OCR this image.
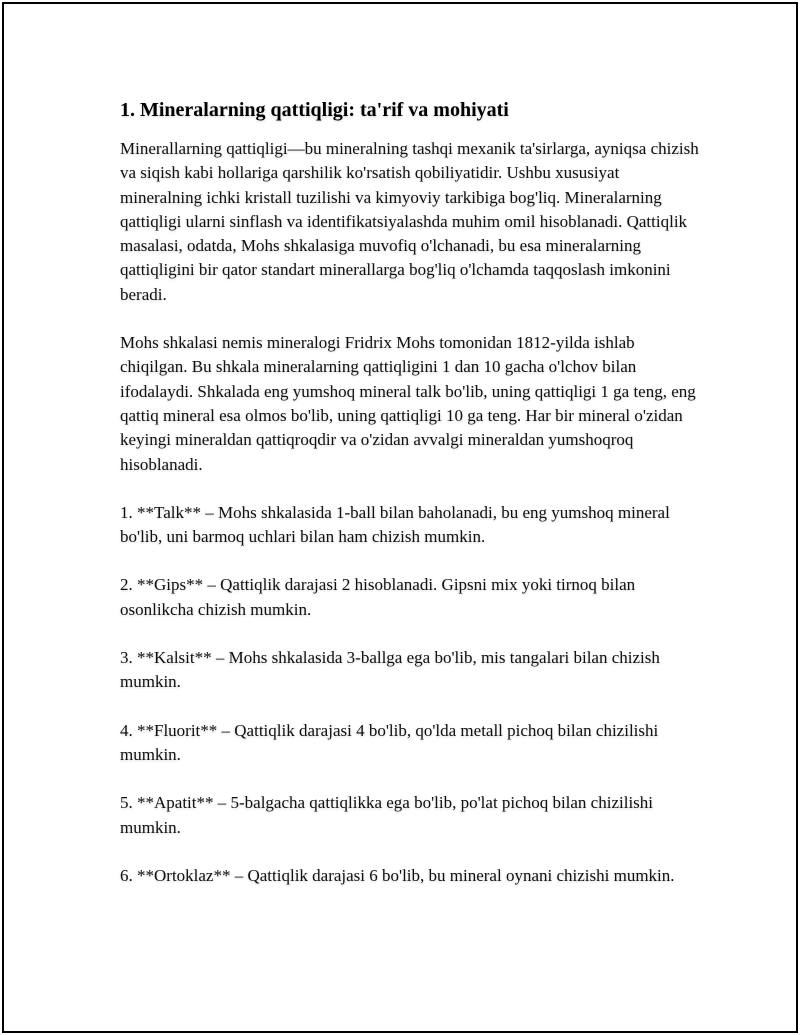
1. Mineralarning qattiqligi: ta'rif va mohiyati

Minerallarning qattiqligi—bu mineralning tashqi mexanik ta'sirlarga, ayniqsa chizish va siqish kabi hollariga qarshilik ko'rsatish qobiliyatidir. Ushbu xususiyat mineralning ichki kristall tuzilishi va kimyoviy tarkibiga bog'liq. Mineralarning qattiqligi ularni sinflash va identifikatsiyalashda muhim omil hisoblanadi. Qattiqlik masalasi, odatda, Mohs shkalasiga muvofiq o'lchanadi, bu esa mineralarning qattiqligini bir qator standart minerallarga bog'liq o'lchamda taqqoslash imkonini beradi.

Mohs shkalasi nemis mineralogi Fridrix Mohs tomonidan 1812-yilda ishlab chiqilgan. Bu shkala mineralarning qattiqligini 1 dan 10 gacha o'lchov bilan ifodalaydi. Shkalada eng yumshoq mineral talk bo'lib, uning qattiqligi 1 ga teng, eng qattiq mineral esa olmos bo'lib, uning qattiqligi 10 ga teng. Har bir mineral o'zidan keyingi mineraldan qattiqroqdir va o'zidan avvalgi mineraldan yumshoqroq hisoblanadi.

1. **Talk** – Mohs shkalasida 1-ball bilan baholanadi, bu eng yumshoq mineral bo'lib, uni barmoq uchlari bilan ham chizish mumkin.
2. **Gips** – Qattiqlik darajasi 2 hisoblanadi. Gipsni mix yoki tirnoq bilan osonlikcha chizish mumkin.
3. **Kalsit** – Mohs shkalasida 3-ballga ega bo'lib, mis tangalari bilan chizish mumkin.
4. **Fluorit** – Qattiqlik darajasi 4 bo'lib, qo'lda metall pichoq bilan chizilishi mumkin.
5. **Apatit** – 5-balgacha qattiqlikka ega bo'lib, po'lat pichoq bilan chizilishi mumkin.
6. **Ortoklaz** – Qattiqlik darajasi 6 bo'lib, bu mineral oynani chizishi mumkin.
